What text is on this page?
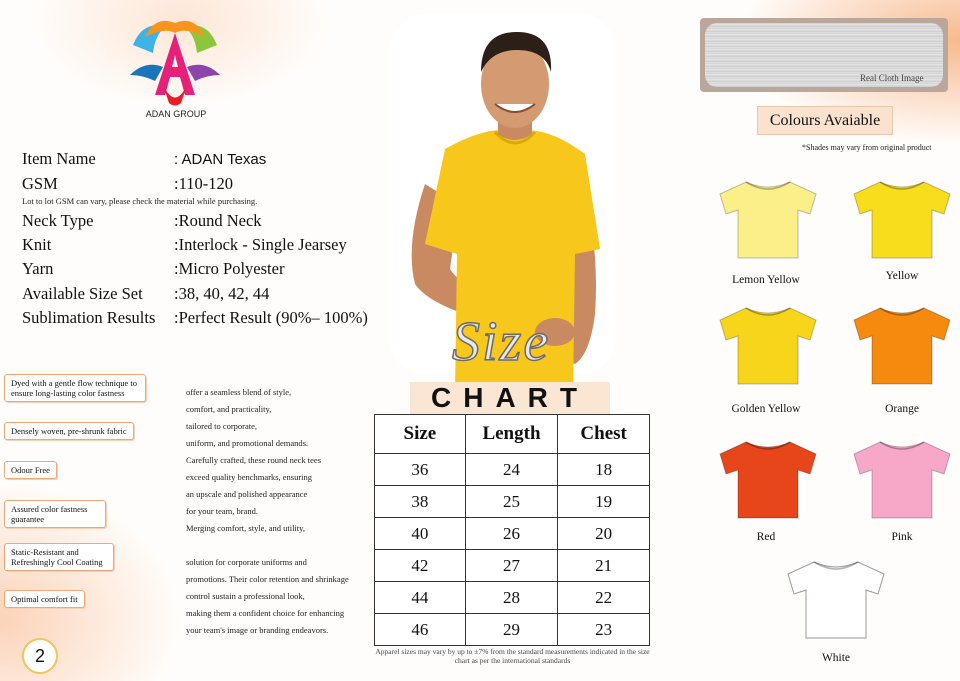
ADAN GROUP
Item Name	: ADAN Texas
GSM	:110-120
Lot to lot GSM can vary, please check the material while purchasing.
Neck Type	:Round Neck
Knit	:Interlock - Single Jearsey
Yarn	:Micro Polyester
Available Size Set :38, 40, 42, 44
Sublimation Results :Perfect Result (90%– 100%)
Dyed with a gentle flow technique to ensure long-lasting color fastness
Densely woven, pre-shrunk fabric
Odour Free
Assured color fastness guarantee
Static-Resistant and Refreshingly Cool Coating
Optimal comfort fit
offer a seamless blend of style,
comfort, and practicality,
tailored to corporate,
uniform, and promotional demands.
Carefully crafted, these round neck tees
exceed quality benchmarks, ensuring
an upscale and polished appearance
for your team, brand.
Merging comfort, style, and utility,
solution for corporate uniforms and
promotions. Their color retention and shrinkage
control sustain a professional look,
making them a confident choice for enhancing
your team's image or branding endeavors.
Size
CHART
Size	Length	Chest
36	24	18
38	25	19
40	26	20
42	27	21
44	28	22
46	29	23
Apparel sizes may vary by up to ±7% from the standard measurements indicated in the size chart as per the international standards
Real Cloth Image
Colours Avaiable
*Shades may vary from original product
Lemon Yellow	Yellow
Golden Yellow	Orange
Red	Pink
White
2
